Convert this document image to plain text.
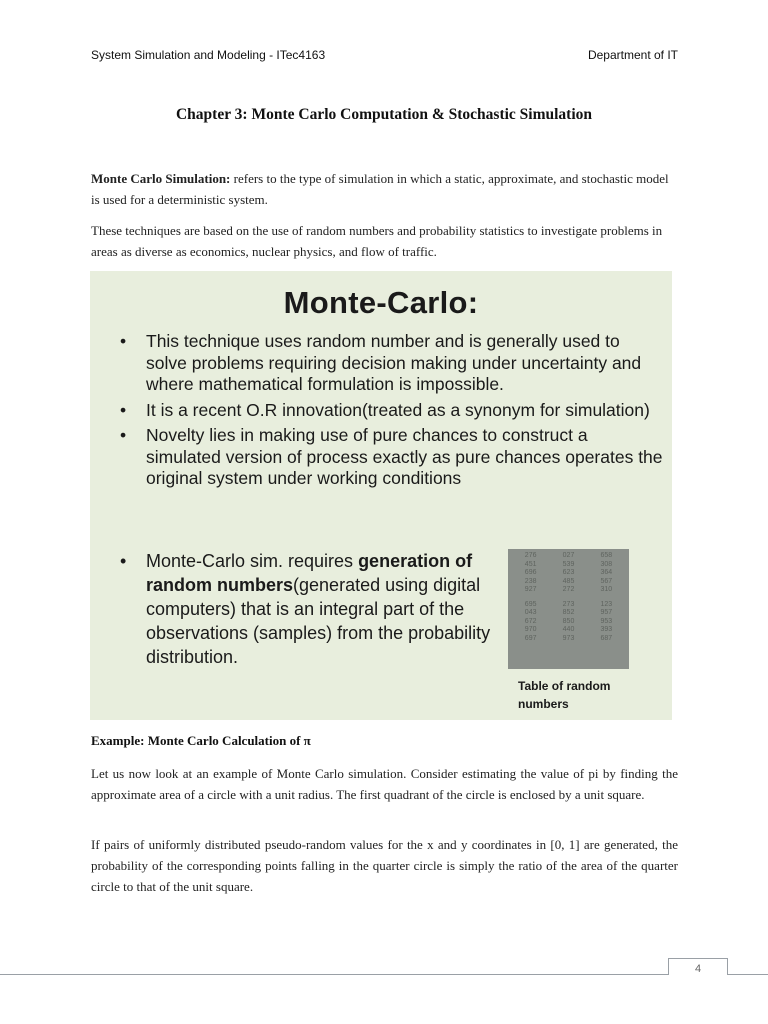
System Simulation and Modeling - ITec4163	Department of IT
Chapter 3: Monte Carlo Computation & Stochastic Simulation
Monte Carlo Simulation: refers to the type of simulation in which a static, approximate, and stochastic model is used for a deterministic system.
These techniques are based on the use of random numbers and probability statistics to investigate problems in areas as diverse as economics, nuclear physics, and flow of traffic.
Monte-Carlo:
• This technique uses random number and is generally used to solve problems requiring decision making under uncertainty and where mathematical formulation is impossible.
• It is a recent O.R innovation(treated as a synonym for simulation)
• Novelty lies in making use of pure chances to construct a simulated version of process exactly as pure chances operates the original system under working conditions
• Monte-Carlo sim. requires generation of random numbers(generated using digital computers) that is an integral part of the observations (samples) from the probability distribution.
276	027	658
451	539	308
696	623	364
238	485	567
927	272	310
695	273	123
043	852	957
672	850	953
970	440	393
697	973	687
Table of random numbers
Example: Monte Carlo Calculation of π
Let us now look at an example of Monte Carlo simulation. Consider estimating the value of pi by finding the approximate area of a circle with a unit radius. The first quadrant of the circle is enclosed by a unit square.
If pairs of uniformly distributed pseudo-random values for the x and y coordinates in [0, 1] are generated, the probability of the corresponding points falling in the quarter circle is simply the ratio of the area of the quarter circle to that of the unit square.
4
